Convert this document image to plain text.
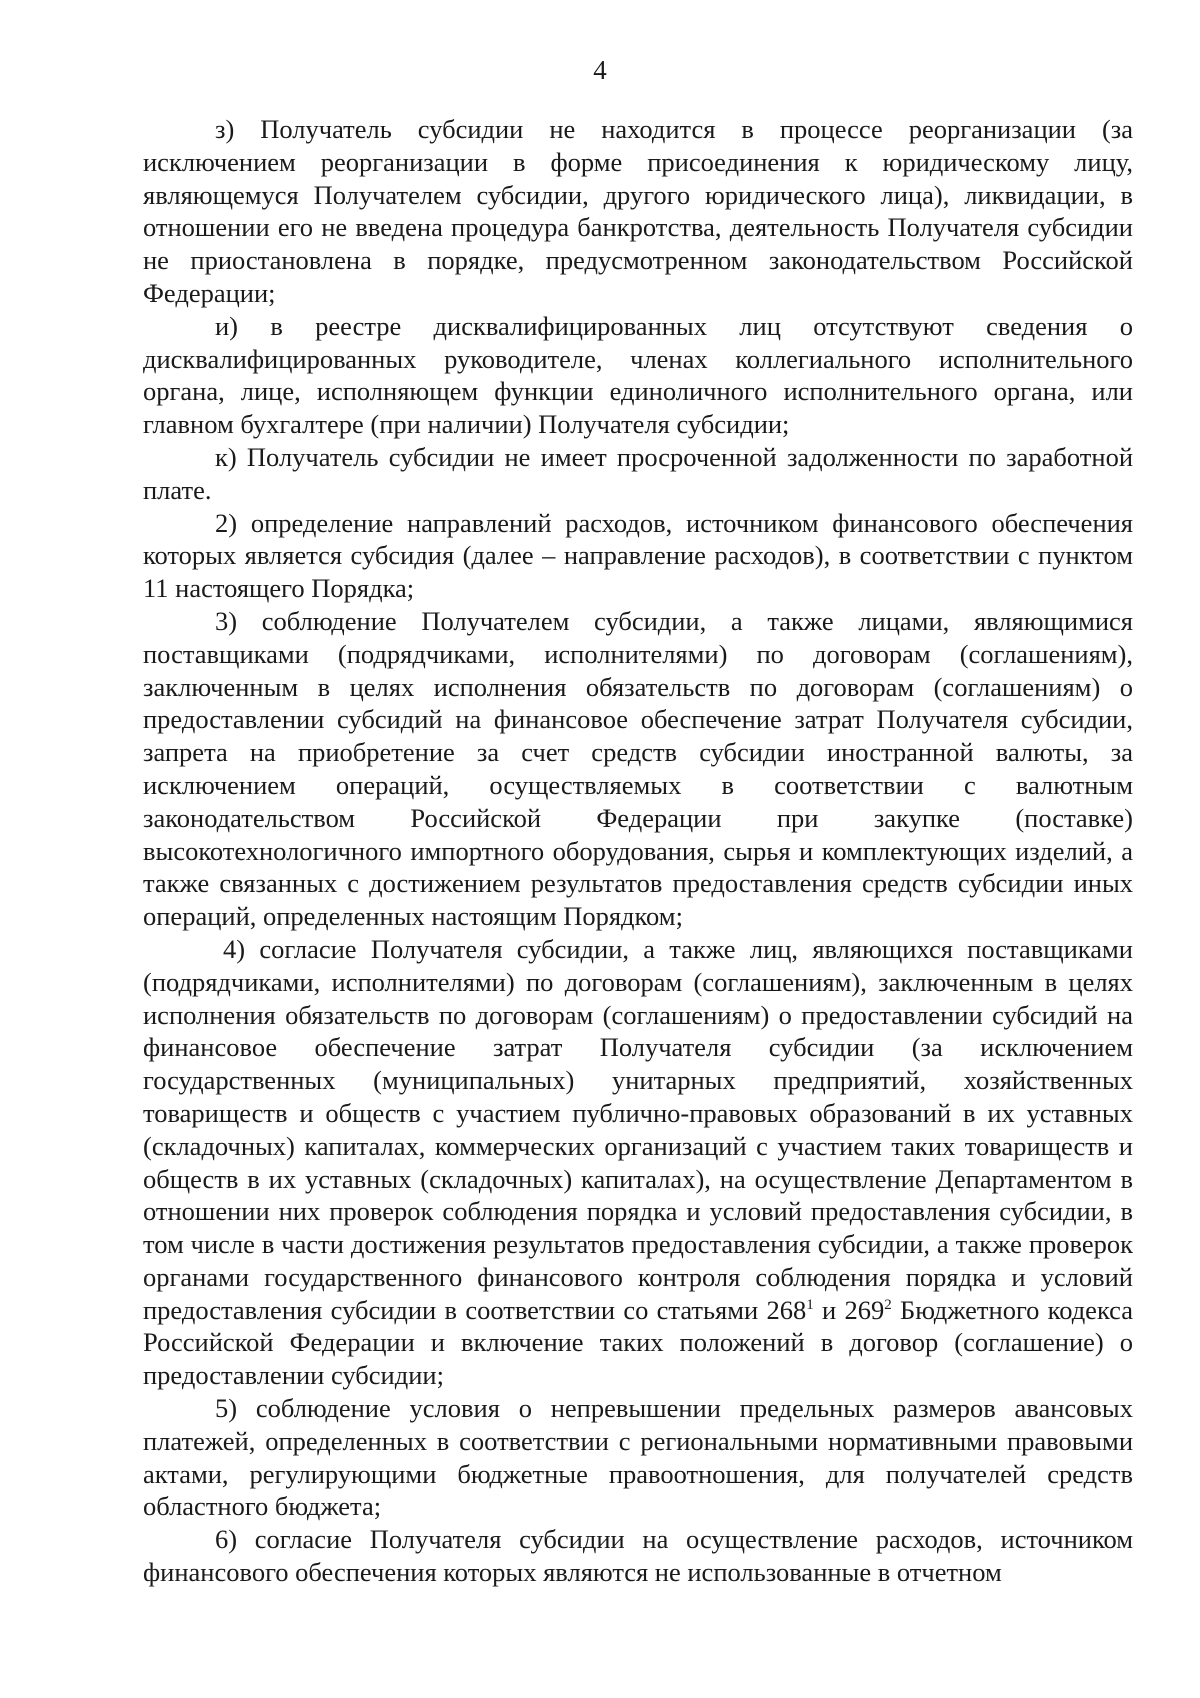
4

з) Получатель субсидии не находится в процессе реорганизации (за исключением реорганизации в форме присоединения к юридическому лицу, являющемуся Получателем субсидии, другого юридического лица), ликвидации, в отношении его не введена процедура банкротства, деятельность Получателя субсидии не приостановлена в порядке, предусмотренном законодательством Российской Федерации;

и) в реестре дисквалифицированных лиц отсутствуют сведения о дисквалифицированных руководителе, членах коллегиального исполнительного органа, лице, исполняющем функции единоличного исполнительного органа, или главном бухгалтере (при наличии) Получателя субсидии;

к) Получатель субсидии не имеет просроченной задолженности по заработной плате.

2) определение направлений расходов, источником финансового обеспечения которых является субсидия (далее – направление расходов), в соответствии с пунктом 11 настоящего Порядка;

3) соблюдение Получателем субсидии, а также лицами, являющимися поставщиками (подрядчиками, исполнителями) по договорам (соглашениям), заключенным в целях исполнения обязательств по договорам (соглашениям) о предоставлении субсидий на финансовое обеспечение затрат Получателя субсидии, запрета на приобретение за счет средств субсидии иностранной валюты, за исключением операций, осуществляемых в соответствии с валютным законодательством Российской Федерации при закупке (поставке) высокотехнологичного импортного оборудования, сырья и комплектующих изделий, а также связанных с достижением результатов предоставления средств субсидии иных операций, определенных настоящим Порядком;

4) согласие Получателя субсидии, а также лиц, являющихся поставщиками (подрядчиками, исполнителями) по договорам (соглашениям), заключенным в целях исполнения обязательств по договорам (соглашениям) о предоставлении субсидий на финансовое обеспечение затрат Получателя субсидии (за исключением государственных (муниципальных) унитарных предприятий, хозяйственных товариществ и обществ с участием публично-правовых образований в их уставных (складочных) капиталах, коммерческих организаций с участием таких товариществ и обществ в их уставных (складочных) капиталах), на осуществление Департаментом в отношении них проверок соблюдения порядка и условий предоставления субсидии, в том числе в части достижения результатов предоставления субсидии, а также проверок органами государственного финансового контроля соблюдения порядка и условий предоставления субсидии в соответствии со статьями $268^1$ и $269^2$ Бюджетного кодекса Российской Федерации и включение таких положений в договор (соглашение) о предоставлении субсидии;

5) соблюдение условия о непревышении предельных размеров авансовых платежей, определенных в соответствии с региональными нормативными правовыми актами, регулирующими бюджетные правоотношения, для получателей средств областного бюджета;

6) согласие Получателя субсидии на осуществление расходов, источником финансового обеспечения которых являются не использованные в отчетном
